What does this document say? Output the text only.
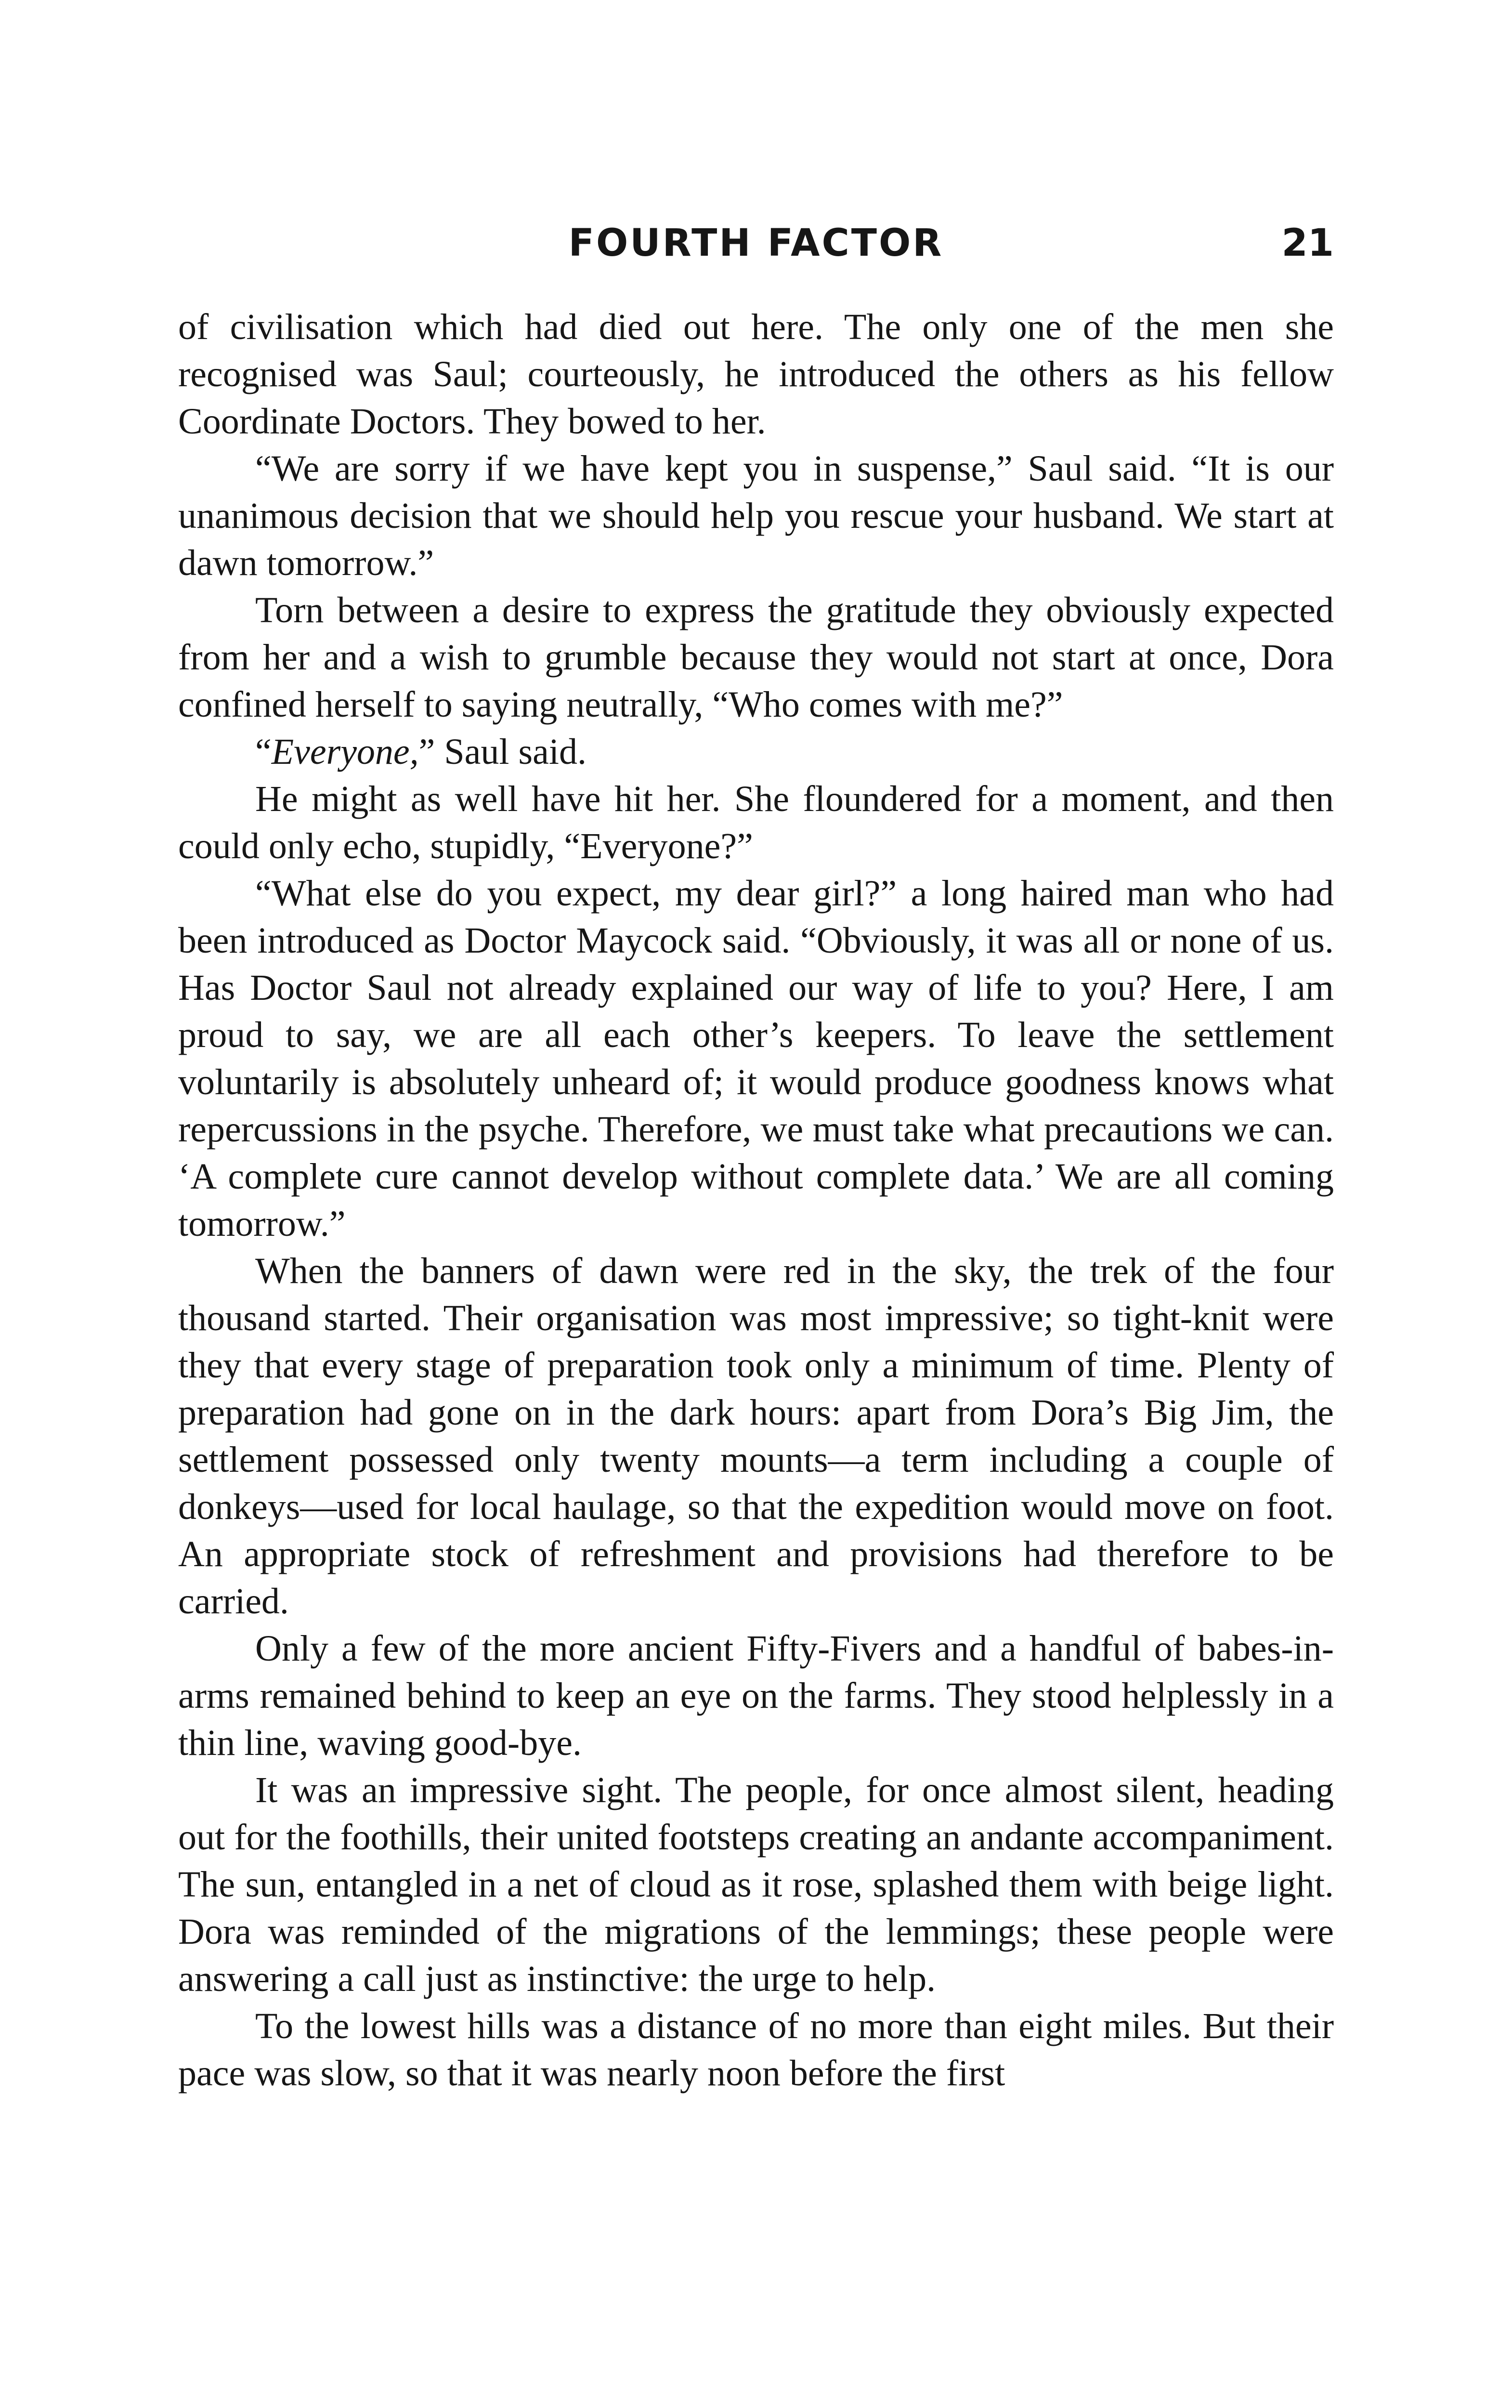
FOURTH FACTOR	21

of civilisation which had died out here. The only one of the men she recognised was Saul; courteously, he introduced the others as his fellow Coordinate Doctors. They bowed to her.

“We are sorry if we have kept you in suspense,” Saul said. “It is our unanimous decision that we should help you rescue your husband. We start at dawn tomorrow.”

Torn between a desire to express the gratitude they obviously expected from her and a wish to grumble because they would not start at once, Dora confined herself to saying neutrally, “Who comes with me?”

“Everyone,” Saul said.

He might as well have hit her. She floundered for a moment, and then could only echo, stupidly, “Everyone?”

“What else do you expect, my dear girl?” a long haired man who had been introduced as Doctor Maycock said. “Obviously, it was all or none of us. Has Doctor Saul not already explained our way of life to you? Here, I am proud to say, we are all each other’s keepers. To leave the settlement voluntarily is absolutely unheard of; it would produce goodness knows what repercussions in the psyche. Therefore, we must take what precautions we can. ‘A complete cure cannot develop without complete data.’ We are all coming tomorrow.”

When the banners of dawn were red in the sky, the trek of the four thousand started. Their organisation was most impressive; so tight-knit were they that every stage of preparation took only a minimum of time. Plenty of preparation had gone on in the dark hours: apart from Dora’s Big Jim, the settlement possessed only twenty mounts—a term including a couple of donkeys—used for local haulage, so that the expedition would move on foot. An appropriate stock of refreshment and provisions had therefore to be carried.

Only a few of the more ancient Fifty-Fivers and a handful of babes-in-arms remained behind to keep an eye on the farms. They stood helplessly in a thin line, waving good-bye.

It was an impressive sight. The people, for once almost silent, heading out for the foothills, their united footsteps creating an andante accompaniment. The sun, entangled in a net of cloud as it rose, splashed them with beige light. Dora was reminded of the migrations of the lemmings; these people were answering a call just as instinctive: the urge to help.

To the lowest hills was a distance of no more than eight miles. But their pace was slow, so that it was nearly noon before the first
